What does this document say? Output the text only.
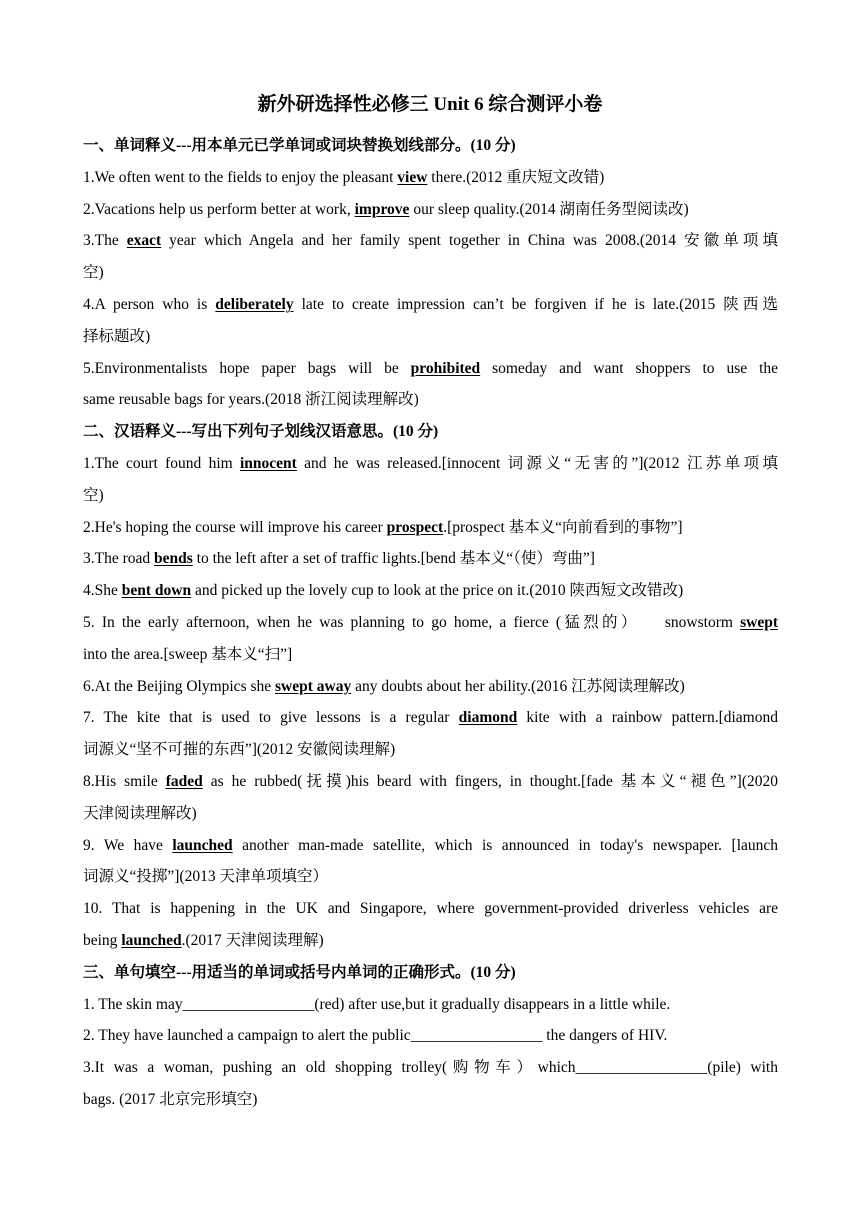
新外研选择性必修三 Unit 6 综合测评小卷
一、单词释义---用本单元已学单词或词块替换划线部分。(10 分)
1.We often went to the fields to enjoy the pleasant view there.(2012 重庆短文改错)
2.Vacations help us perform better at work, improve our sleep quality.(2014 湖南任务型阅读改)
3.The exact year which Angela and her family spent together in China was 2008.(2014 安徽单项填
空)
4.A person who is deliberately late to create impression can’t be forgiven if he is late.(2015 陕西选
择标题改)
5.Environmentalists hope paper bags will be prohibited someday and want shoppers to use the
same reusable bags for years.(2018 浙江阅读理解改)
二、汉语释义---写出下列句子划线汉语意思。(10 分)
1.The court found him innocent and he was released.[innocent 词源义“无害的”](2012 江苏单项填
空)
2.He's hoping the course will improve his career prospect.[prospect 基本义“向前看到的事物”]
3.The road bends to the left after a set of traffic lights.[bend 基本义“（使）弯曲”]
4.She bent down and picked up the lovely cup to look at the price on it.(2010 陕西短文改错改)
5. In the early afternoon, when he was planning to go home, a fierce (猛烈的） snowstorm swept
into the area.[sweep 基本义“扫”]
6.At the Beijing Olympics she swept away any doubts about her ability.(2016 江苏阅读理解改)
7. The kite that is used to give lessons is a regular diamond kite with a rainbow pattern.[diamond
词源义“坚不可摧的东西”](2012 安徽阅读理解)
8.His smile faded as he rubbed(抚摸)his beard with fingers, in thought.[fade 基本义“褪色”](2020
天津阅读理解改)
9. We have launched another man-made satellite, which is announced in today's newspaper. [launch
词源义“投掷”](2013 天津单项填空）
10. That is happening in the UK and Singapore, where government-provided driverless vehicles are
being launched.(2017 天津阅读理解)
三、单句填空---用适当的单词或括号内单词的正确形式。(10 分)
1. The skin may_________________(red) after use,but it gradually disappears in a little while.
2. They have launched a campaign to alert the public_________________ the dangers of HIV.
3.It was a woman, pushing an old shopping trolley(购物车）which_________________(pile) with
bags. (2017 北京完形填空)
